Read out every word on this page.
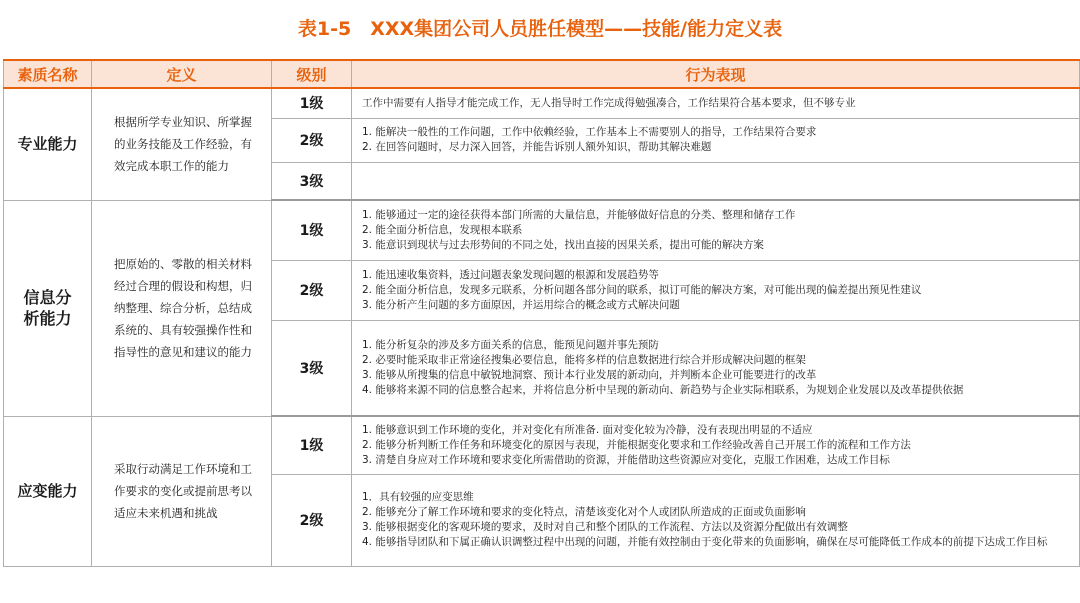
表1-5　XXX集团公司人员胜任模型——技能/能力定义表
素质名称	定义	级别	行为表现
专业能力	根据所学专业知识、所掌握的业务技能及工作经验，有效完成本职工作的能力	1级	工作中需要有人指导才能完成工作，无人指导时工作完成得勉强凑合，工作结果符合基本要求，但不够专业

		2级	1. 能解决一般性的工作问题，工作中依赖经验，工作基本上不需要别人的指导，工作结果符合要求
2. 在回答问题时，尽力深入回答，并能告诉别人额外知识，帮助其解决难题

		3级	
信息分析能力	把原始的、零散的相关材料经过合理的假设和构想，归纳整理、综合分析，总结成系统的、具有较强操作性和指导性的意见和建议的能力	1级	1. 能够通过一定的途径获得本部门所需的大量信息，并能够做好信息的分类、整理和储存工作
2. 能全面分析信息，发现根本联系
3. 能意识到现状与过去形势间的不同之处，找出直接的因果关系，提出可能的解决方案

		2级	1. 能迅速收集资料，透过问题表象发现问题的根源和发展趋势等
2. 能全面分析信息，发现多元联系，分析问题各部分间的联系，拟订可能的解决方案，对可能出现的偏差提出预见性建议
3. 能分析产生问题的多方面原因，并运用综合的概念或方式解决问题

		3级	1. 能分析复杂的涉及多方面关系的信息，能预见问题并事先预防
2. 必要时能采取非正常途径搜集必要信息，能将多样的信息数据进行综合并形成解决问题的框架
3. 能够从所搜集的信息中敏锐地洞察、预计本行业发展的新动向，并判断本企业可能要进行的改革
4. 能够将来源不同的信息整合起来，并将信息分析中呈现的新动向、新趋势与企业实际相联系，为规划企业发展以及改革提供依据

应变能力	采取行动满足工作环境和工作要求的变化或提前思考以适应未来机遇和挑战	1级	1. 能够意识到工作环境的变化，并对变化有所准备. 面对变化较为冷静，没有表现出明显的不适应
2. 能够分析判断工作任务和环境变化的原因与表现，并能根据变化要求和工作经验改善自己开展工作的流程和工作方法
3. 清楚自身应对工作环境和要求变化所需借助的资源，并能借助这些资源应对变化，克服工作困难，达成工作目标

		2级	1．具有较强的应变思维
2. 能够充分了解工作环境和要求的变化特点，清楚该变化对个人或团队所造成的正面或负面影响
3. 能够根据变化的客观环境的要求，及时对自己和整个团队的工作流程、方法以及资源分配做出有效调整
4. 能够指导团队和下属正确认识调整过程中出现的问题，并能有效控制由于变化带来的负面影响，确保在尽可能降低工作成本的前提下达成工作目标
